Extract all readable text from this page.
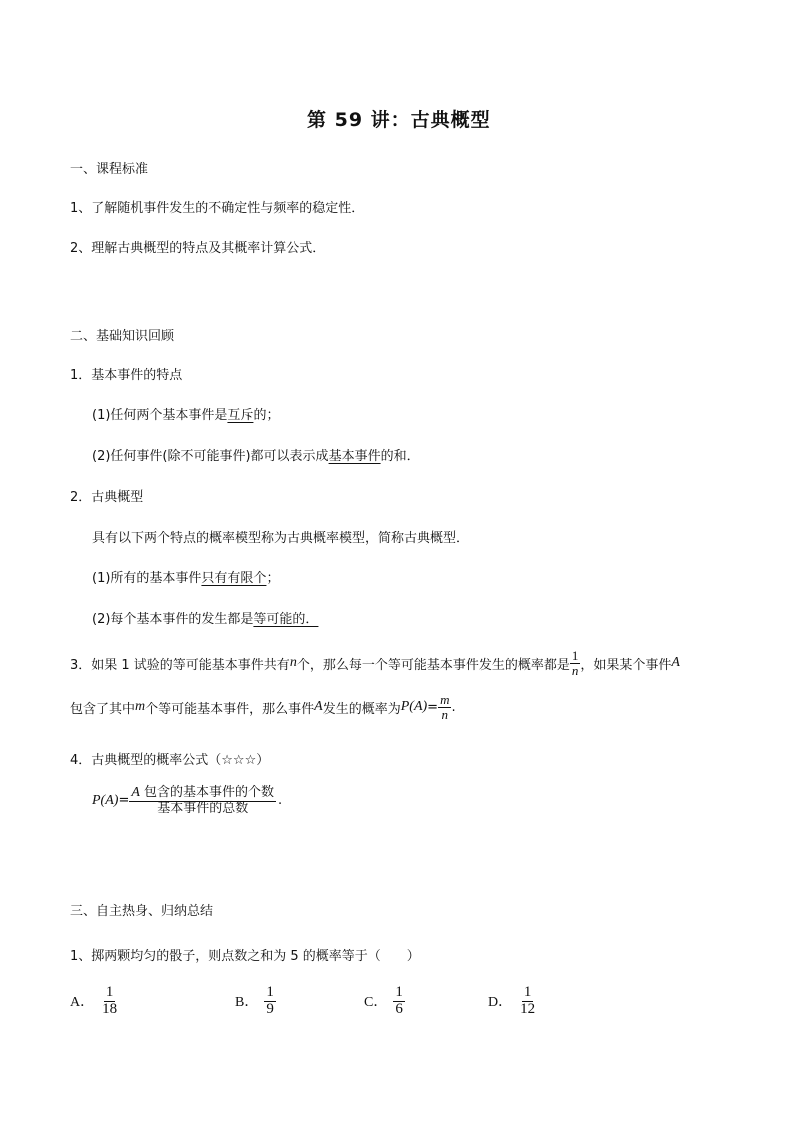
第 59 讲：古典概型
一、课程标准
1、了解随机事件发生的不确定性与频率的稳定性．
2、理解古典概型的特点及其概率计算公式．
二、基础知识回顾
1．基本事件的特点
(1)任何两个基本事件是互斥的；
(2)任何事件(除不可能事件)都可以表示成基本事件的和．
2．古典概型
具有以下两个特点的概率模型称为古典概率模型，简称古典概型．
(1)所有的基本事件只有有限个；
(2)每个基本事件的发生都是等可能的．
3．如果 1 试验的等可能基本事件共有 n 个，那么每一个等可能基本事件发生的概率都是 $\frac{1}{n}$ ，如果某个事件 A
包含了其中 m 个等可能基本事件，那么事件 A 发生的概率为 $P(A) = \frac{m}{n}$ .
4．古典概型的概率公式（☆☆☆）
$P(A) = \frac{\text{A 包含的基本事件的个数}}{\text{基本事件的总数}}$ .
三、自主热身、归纳总结
1、掷两颗均匀的骰子，则点数之和为 5 的概率等于（　　）
A． $\frac{1}{18}$	B． $\frac{1}{9}$	C． $\frac{1}{6}$	D． $\frac{1}{12}$
